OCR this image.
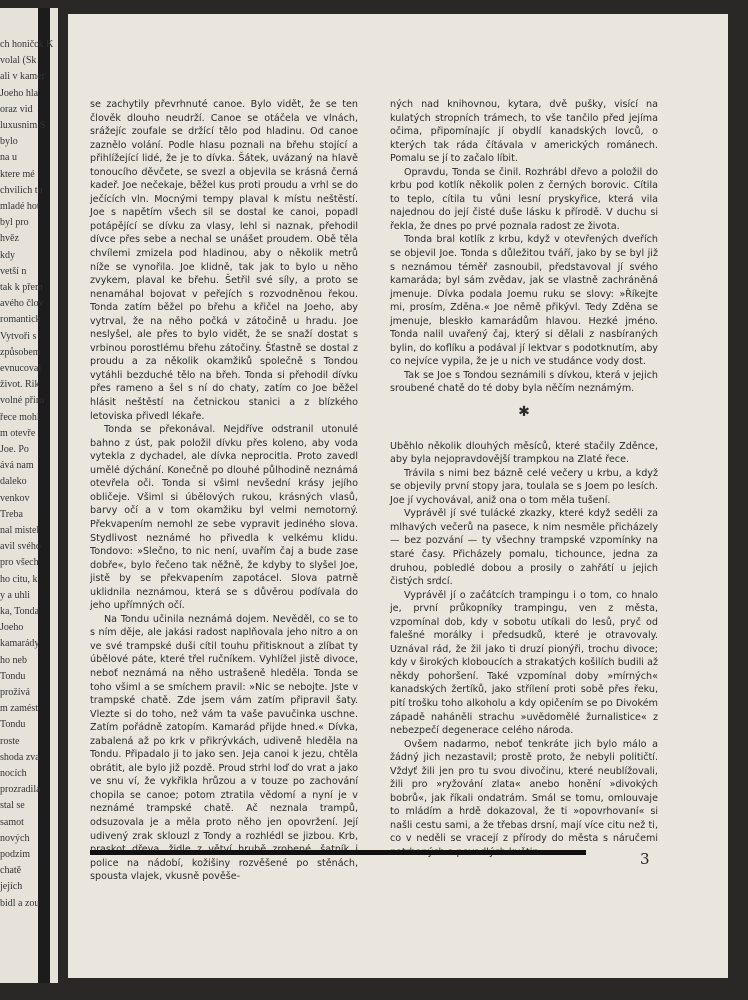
ch honičck K
volal (Sk
ali v kamer
Joeho hla
oraz vid
luxusnim S
bylo
na u
ktere mé
chvilich to
mladé hot
byl pro
hvěz
kdy
vetší n
tak k přem
avého člov
romantick
Vytvoři s
způsobem
evnucoval
život. Rik
volné přiro
řece mohl
m otevře
Joe. Po
ává nam
daleko
venkov
Treba
nal mistel
avil svého
pro všech
ho citu, k
y a uhli
ka, Tonda
Joeho
kamarády
ho neb
Tondu
prožívá
m zamést
Tondu
roste
shoda zva
nocích
prozradila
stal se
samot
nových
podzim
chatě
jejích
bidl a zou

se zachytily převrhnuté canoe. Bylo vidět, že se ten člověk dlouho neudrží. Canoe se otáčela ve vlnách, srážejíc zoufale se držící tělo pod hladinu. Od canoe zaznělo volání. Podle hlasu poznali na břehu stojící a přihlížející lidé, že je to dívka. Šátek, uvázaný na hlavě tonoucího děvčete, se svezl a objevila se krásná černá kadeř. Joe nečekaje, běžel kus proti proudu a vrhl se do ječících vln. Mocnými tempy plaval k místu neštěstí. Joe s napětím všech sil se dostal ke canoi, popadl potápějící se dívku za vlasy, lehl si naznak, přehodil dívce přes sebe a nechal se unášet proudem. Obě těla chvílemi zmizela pod hladinou, aby o několik metrů níže se vynořila. Joe klidně, tak jak to bylo u něho zvykem, plaval ke břehu. Šetřil své síly, a proto se nenamáhal bojovat v peřejích s rozvodněnou řekou. Tonda zatím běžel po břehu a křičel na Joeho, aby vytrval, že na něho počká v zátočině u hradu. Joe neslyšel, ale přes to bylo vidět, že se snaží dostat s vrbinou porostlému břehu zátočiny. Šťastně se dostal z proudu a za několik okamžiků společně s Tondou vytáhli bezduché tělo na břeh. Tonda si přehodil dívku přes rameno a šel s ní do chaty, zatím co Joe běžel hlásit neštěstí na četnickou stanici a z blízkého letoviska přivedl lékaře.

Tonda se překonával. Nejdříve odstranil utonulé bahno z úst, pak položil dívku přes koleno, aby voda vytekla z dychadel, ale dívka neprocitla. Proto zavedl umělé dýchání. Konečně po dlouhé půlhodině neznámá otevřela oči. Tonda si všiml nevšední krásy jejího obličeje. Všiml si úbělových rukou, krásných vlasů, barvy očí a v tom okamžiku byl velmi nemotorný. Překvapením nemohl ze sebe vypravit jediného slova. Stydlivost neznámé ho přivedla k velkému klidu. Tondovo: »Slečno, to nic není, uvařím čaj a bude zase dobře«, bylo řečeno tak něžně, že kdyby to slyšel Joe, jistě by se překvapením zapotácel. Slova patrně uklidnila neznámou, která se s důvěrou podívala do jeho upřímných očí.

Na Tondu učinila neznámá dojem. Nevěděl, co se to s ním děje, ale jakási radost naplňovala jeho nitro a on ve své trampské duši cítil touhu přitisknout a zlíbat ty úbělové páte, které třel ručníkem. Vyhlížel jistě divoce, neboť neznámá na něho ustrašeně hleděla. Tonda se toho všiml a se smíchem pravil: »Nic se nebojte. Jste v trampské chatě. Zde jsem vám zatím připravil šaty. Vlezte si do toho, než vám ta vaše pavučinka uschne. Zatím pořádně zatopím. Kamarád přijde hned.« Dívka, zabalená až po krk v přikrývkách, udiveně hleděla na Tondu. Připadalo ji to jako sen. Jeja canoi k jezu, chtěla obrátit, ale bylo již pozdě. Proud strhl loď do vrat a jako ve snu ví, že vykřikla hrůzou a v touze po zachování chopila se canoe; potom ztratila vědomí a nyní je v neznámé trampské chatě. Ač neznala trampů, odsuzovala je a měla proto něho jen opovržení. Její udivený zrak sklouzl z Tondy a rozhlédl se jizbou. Krb, police na nádobí, kožišiny rozvěšené po stěnách, spousta vlajek, vkusně pověše-

ných nad knihovnou, kytara, dvě pušky, visící na kulatých stropních trámech, to vše tančilo před jejíma očima, připomínajíc jí obydlí kanadských lovců, o kterých tak ráda čítávala v amerických románech. Pomalu se jí to začalo líbit.

Opravdu, Tonda se činil. Rozhrábl dřevo a položil do krbu pod kotlík několik polen z černých borovic. Cítila to teplo, cítila tu vůni lesní pryskyřice, která vila najednou do její čisté duše lásku k přírodě. V duchu si řekla, že dnes po prvé poznala radost ze života.

Tonda bral kotlík z krbu, když v otevřených dveřích se objevil Joe. Tonda s důležitou tváří, jako by se byl již s neznámou téměř zasnoubil, představoval jí svého kamaráda; byl sám zvědav, jak se vlastně zachráněná jmenuje. Dívka podala Joemu ruku se slovy: »Říkejte mi, prosím, Zděna.« Joe němě přikývl. Tedy Zděna se jmenuje, bleskło kamarádům hlavou. Hezké jméno. Tonda nalil uvařený čaj, který si dělali z nasbíraných bylin, do koflíku a podával jí lektvar s podotknutím, aby co nejvíce vypila, že je u nich ve studánce vody dost.

Tak se Joe s Tondou seznámili s dívkou, která v jejich sroubené chatě do té doby byla něčím neznámým.

✱

Uběhlo několik dlouhých měsíců, které stačily Zděnce, aby byla nejopravdovější trampkou na Zlaté řece.

Trávila s nimi bez bázně celé večery u krbu, a když se objevily první stopy jara, toulala se s Joem po lesích. Joe jí vychovával, aniž ona o tom měla tušení.

Vyprávěl jí své tulácké zkazky, které když seděli za mlhavých večerů na pasece, k nim nesměle přicházely — bez pozvání — ty všechny trampské vzpomínky na staré časy. Přicházely pomalu, tichounce, jedna za druhou, pobledlé dobou a prosily o zahřátí u jejich čistých srdcí.

Vyprávěl jí o začátcích trampingu i o tom, co hnalo je, první průkopníky trampingu, ven z města, vzpomínal dob, kdy v sobotu utíkali do lesů, pryč od falešné morálky i předsudků, které je otravovaly. Uznával rád, že žil jako ti druzí pionýři, trochu divoce; kdy v širokých kloboucích a strakatých košilích budili až někdy pohoršení. Také vzpomínal doby »mírných« kanadských žertíků, jako střílení proti sobě přes řeku, pití trošku toho alkoholu a kdy opičením se po Divokém západě naháněli strachu »uvědomělé žurnalistice« z nebezpečí degenerace celého národa.

Ovšem nadarmo, neboť tenkráte jich bylo málo a žádný jich nezastavil; prostě proto, že nebyli političtí. Vždyť žili jen pro tu svou divočinu, které neublížovali, žili pro »ryžování zlata« anebo honění »divokých bobrů«, jak říkali ondatrám. Smál se tomu, omlouvaje to mládím a hrdě dokazoval, že ti »opovrhovaní« si našli cestu sami, a že třebas drsní, mají více citu než ti, co v neděli se vracejí z přírody do města s náručemi

3
